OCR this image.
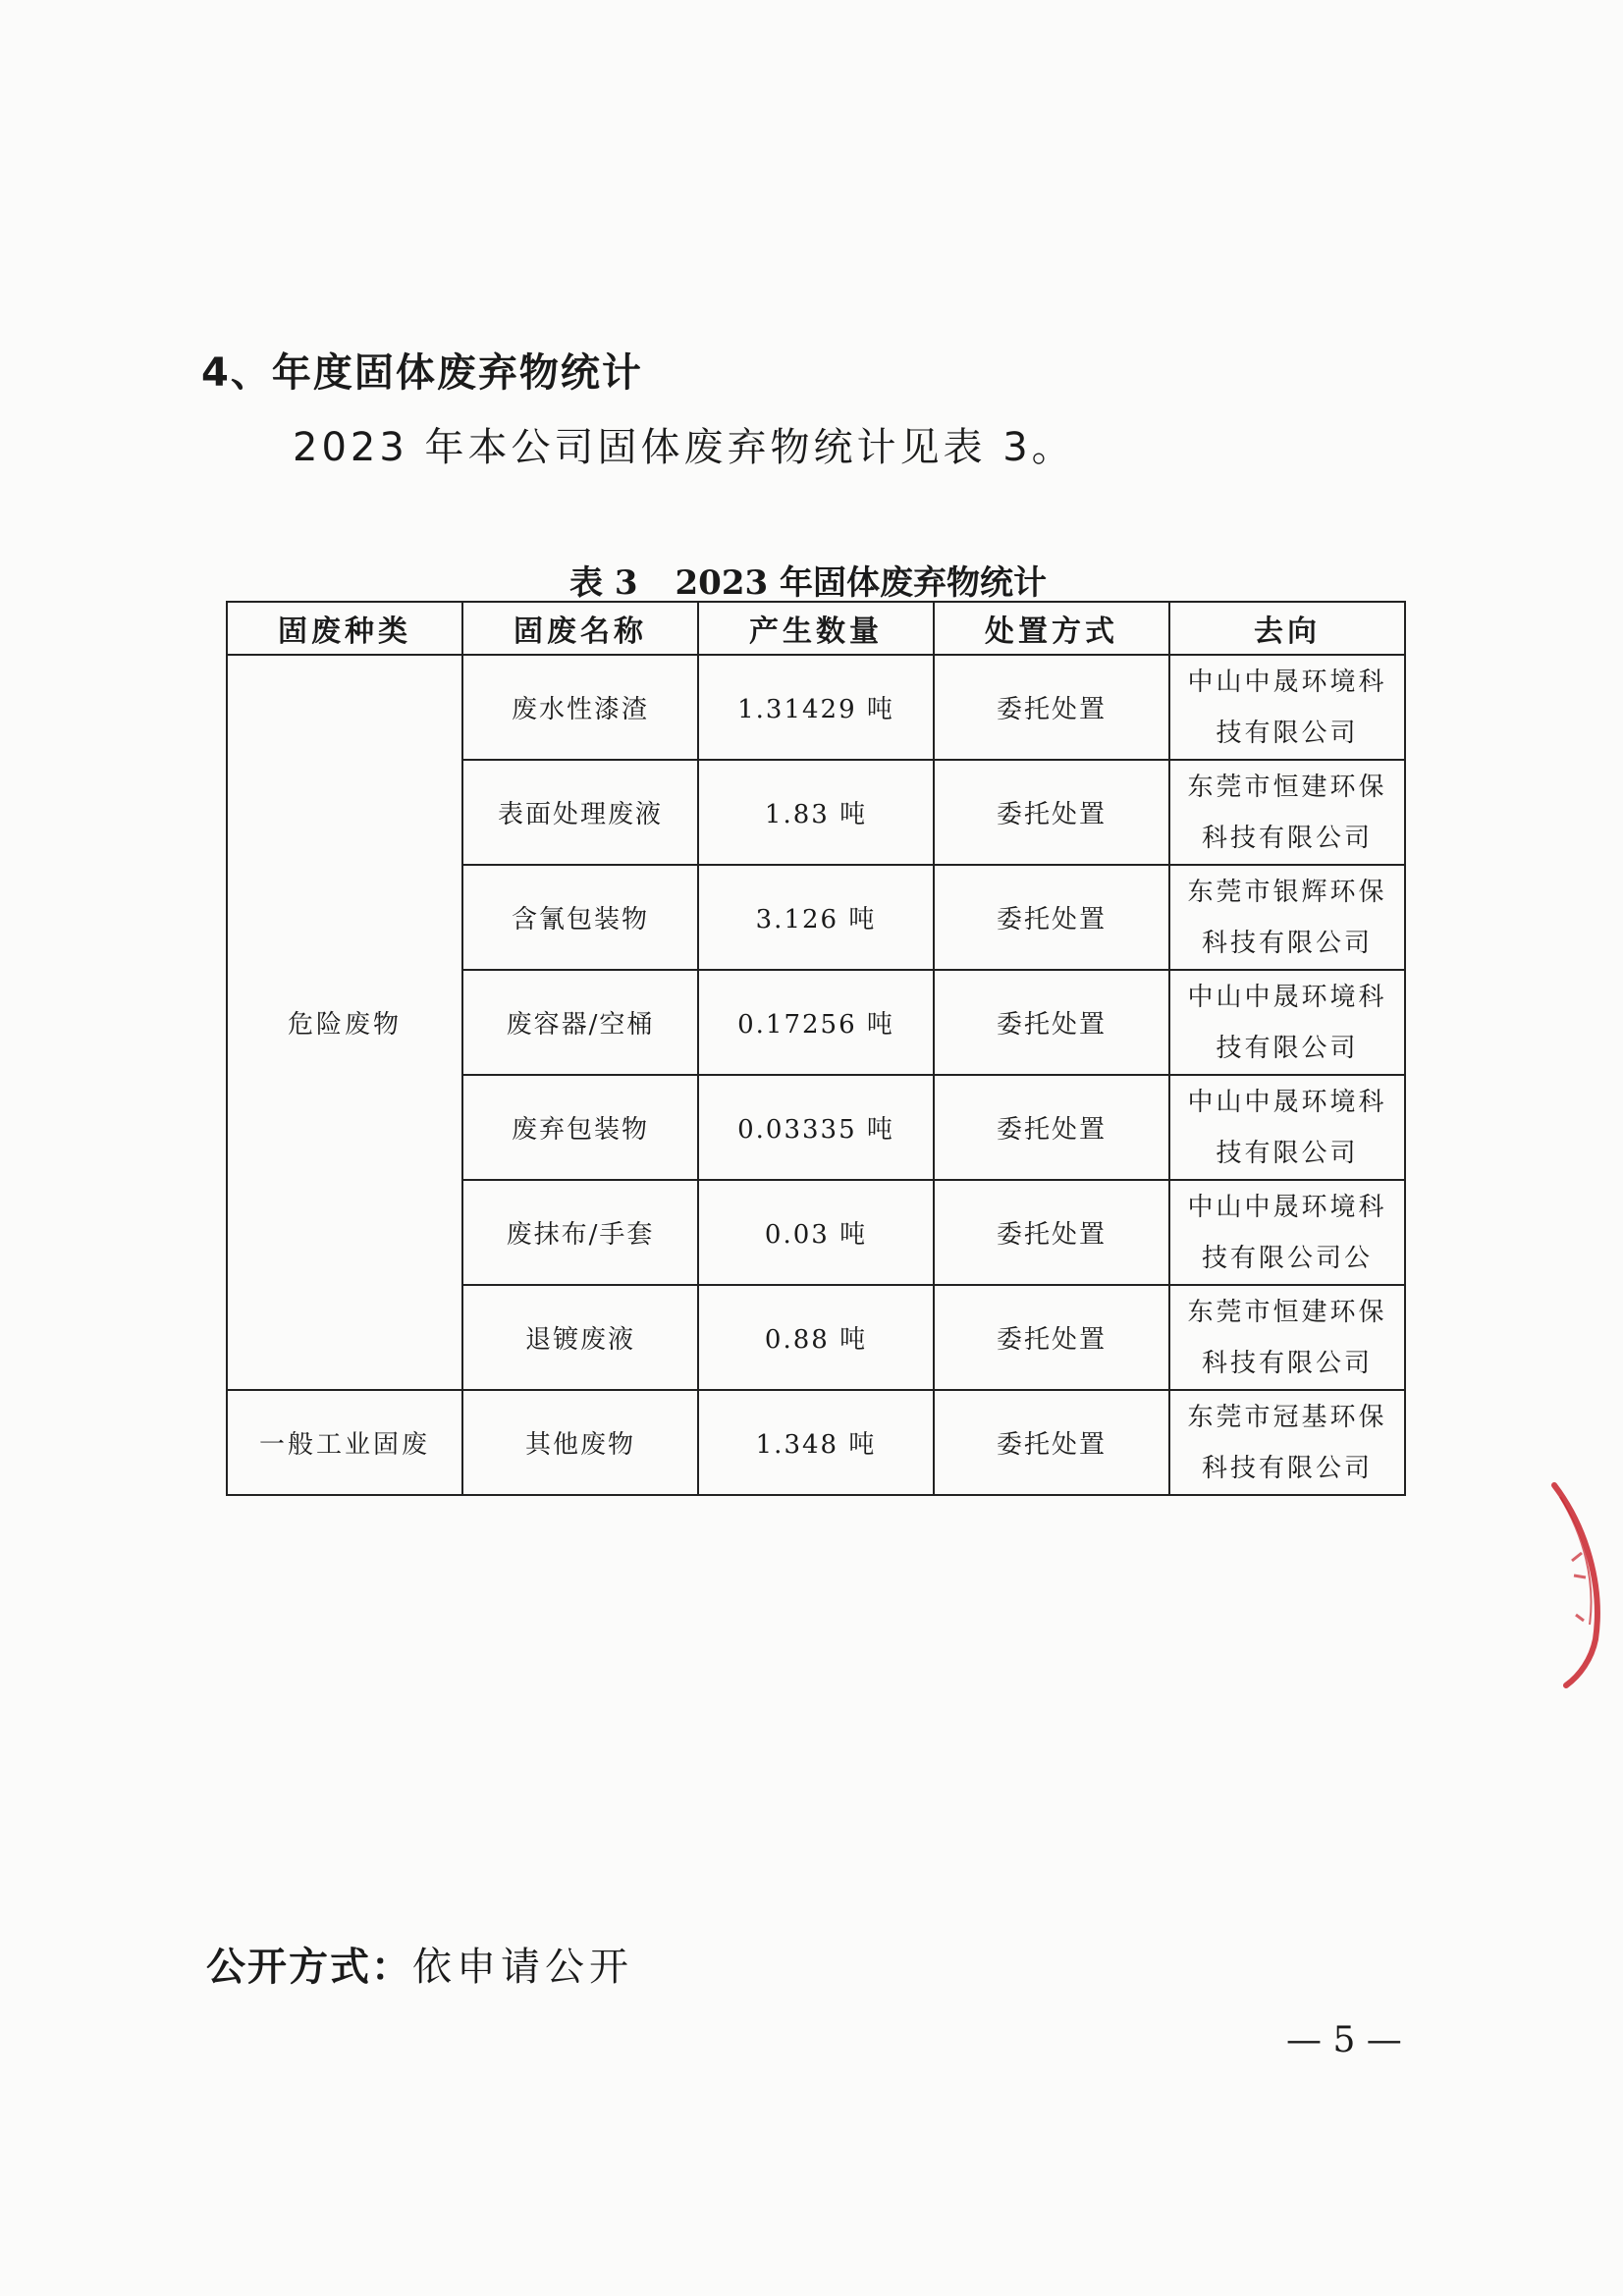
4、年度固体废弃物统计
2023 年本公司固体废弃物统计见表 3。
表 3 2023 年固体废弃物统计
固废种类	固废名称	产生数量	处置方式	去向
危险废物	废水性漆渣	1.31429 吨	委托处置	中山中晟环境科
技有限公司
	表面处理废液	1.83 吨	委托处置	东莞市恒建环保
科技有限公司
	含氰包装物	3.126 吨	委托处置	东莞市银辉环保
科技有限公司
	废容器/空桶	0.17256 吨	委托处置	中山中晟环境科
技有限公司
	废弃包装物	0.03335 吨	委托处置	中山中晟环境科
技有限公司
	废抹布/手套	0.03 吨	委托处置	中山中晟环境科
技有限公司公
	退镀废液	0.88 吨	委托处置	东莞市恒建环保
科技有限公司
一般工业固废	其他废物	1.348 吨	委托处置	东莞市冠基环保
科技有限公司
公开方式：依申请公开
— 5 —
